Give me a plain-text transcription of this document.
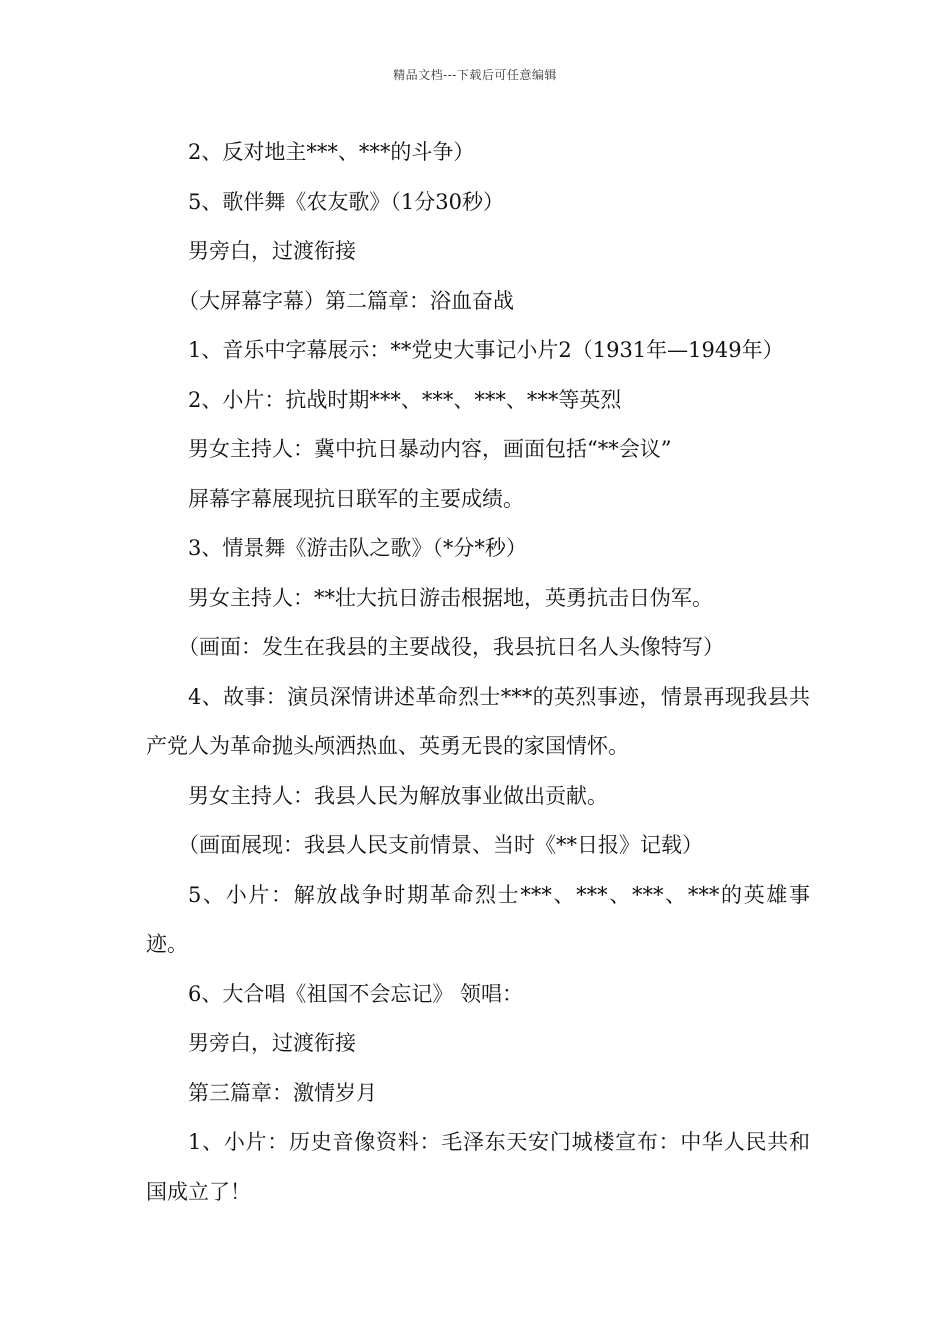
精品文档---下载后可任意编辑

2、反对地主***、***的斗争）

5、歌伴舞《农友歌》（1分30秒）

男旁白，过渡衔接

（大屏幕字幕）第二篇章：浴血奋战

1、音乐中字幕展示：**党史大事记小片2（1931年—1949年）

2、小片：抗战时期***、***、***、***等英烈

男女主持人：冀中抗日暴动内容，画面包括“**会议”

屏幕字幕展现抗日联军的主要成绩。

3、情景舞《游击队之歌》（*分*秒）

男女主持人：**壮大抗日游击根据地，英勇抗击日伪军。

（画面：发生在我县的主要战役，我县抗日名人头像特写）

4、故事：演员深情讲述革命烈士***的英烈事迹，情景再现我县共产党人为革命抛头颅洒热血、英勇无畏的家国情怀。

男女主持人：我县人民为解放事业做出贡献。

（画面展现：我县人民支前情景、当时《**日报》记载）

5、小片：解放战争时期革命烈士***、***、***、***的英雄事迹。

6、大合唱《祖国不会忘记》 领唱：

男旁白，过渡衔接

第三篇章：激情岁月

1、小片：历史音像资料：毛泽东天安门城楼宣布：中华人民共和国成立了！
